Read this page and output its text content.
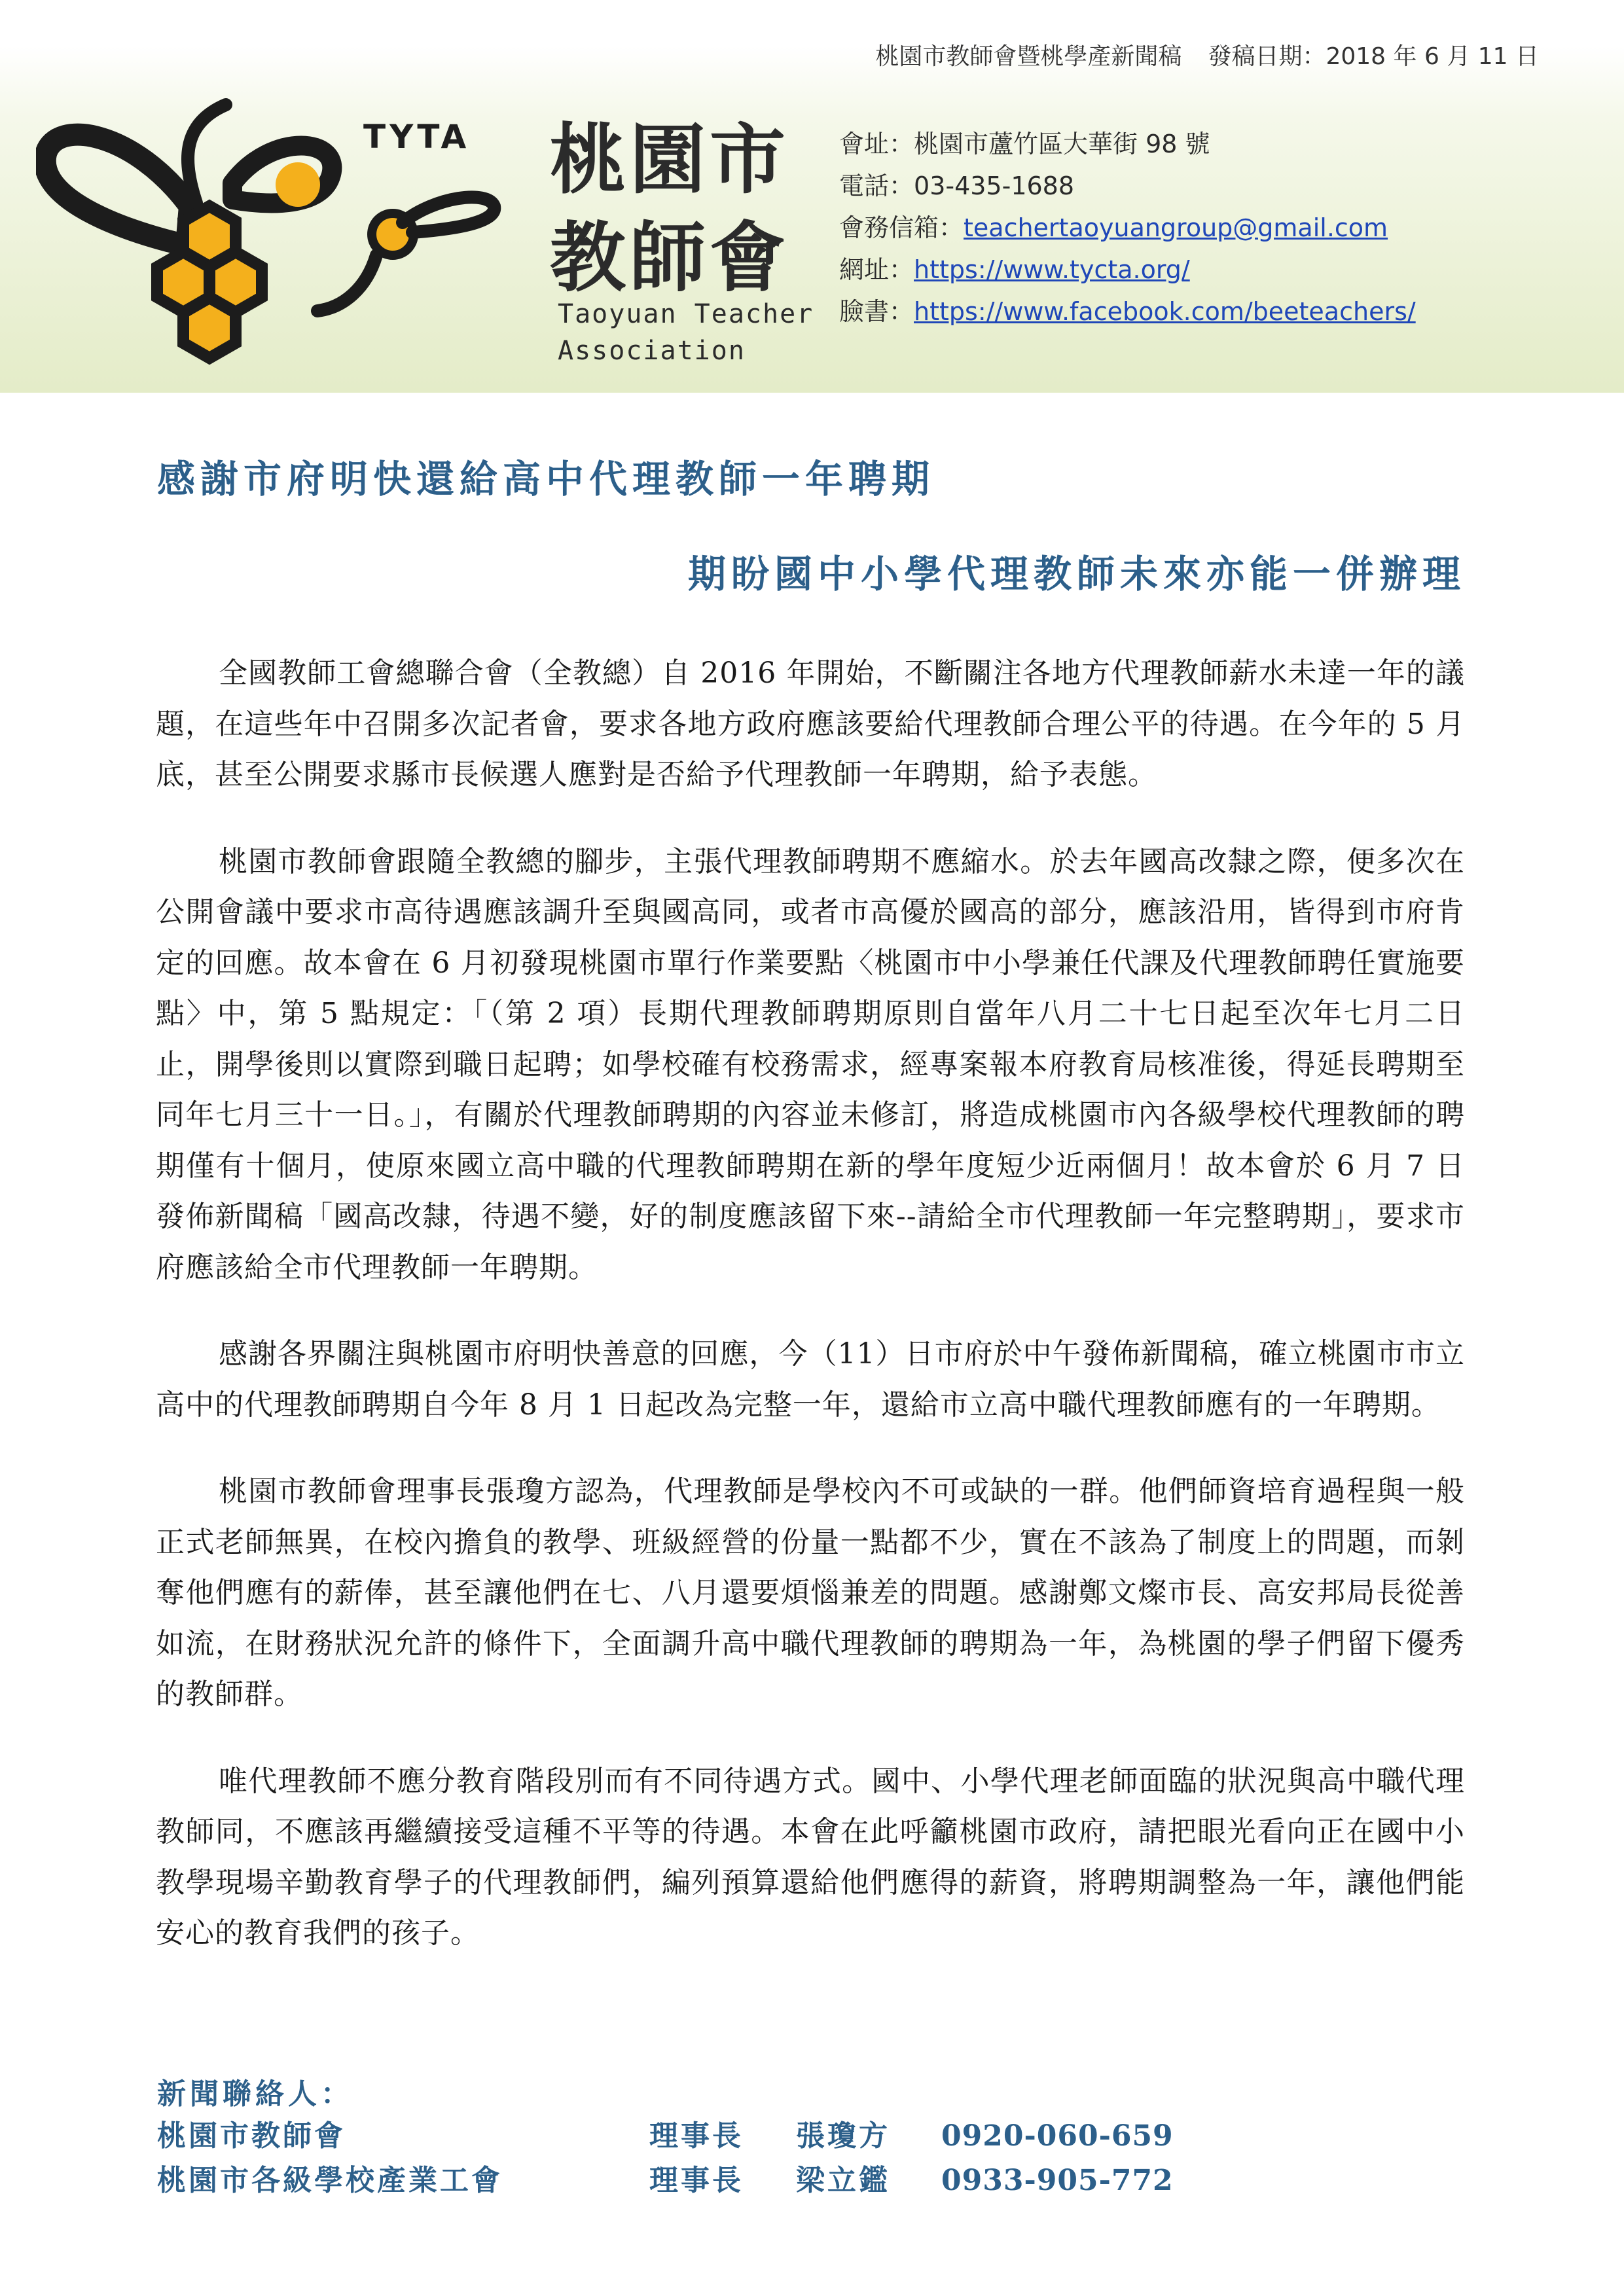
桃園市教師會暨桃學產新聞稿 發稿日期：2018 年 6 月 11 日
TYTA 桃園市
教師會
Taoyuan Teacher
Association
會址：桃園市蘆竹區大華街 98 號
電話：03-435-1688
會務信箱：teachertaoyuangroup@gmail.com
網址：https://www.tycta.org/
臉書：https://www.facebook.com/beeteachers/
感謝市府明快還給高中代理教師一年聘期
期盼國中小學代理教師未來亦能一併辦理

全國教師工會總聯合會（全教總）自 2016 年開始，不斷關注各地方代理教師薪水未達一年的議題，在這些年中召開多次記者會，要求各地方政府應該要給代理教師合理公平的待遇。在今年的 5 月底，甚至公開要求縣市長候選人應對是否給予代理教師一年聘期，給予表態。

桃園市教師會跟隨全教總的腳步，主張代理教師聘期不應縮水。於去年國高改隸之際，便多次在公開會議中要求市高待遇應該調升至與國高同，或者市高優於國高的部分，應該沿用，皆得到市府肯定的回應。故本會在 6 月初發現桃園市單行作業要點〈桃園市中小學兼任代課及代理教師聘任實施要點〉中，第 5 點規定：「（第 2 項）長期代理教師聘期原則自當年八月二十七日起至次年七月二日止，開學後則以實際到職日起聘；如學校確有校務需求，經專案報本府教育局核准後，得延長聘期至同年七月三十一日。」，有關於代理教師聘期的內容並未修訂，將造成桃園市內各級學校代理教師的聘期僅有十個月，使原來國立高中職的代理教師聘期在新的學年度短少近兩個月！故本會於 6 月 7 日發佈新聞稿「國高改隸，待遇不變，好的制度應該留下來--請給全市代理教師一年完整聘期」，要求市府應該給全市代理教師一年聘期。

感謝各界關注與桃園市府明快善意的回應，今（11）日市府於中午發佈新聞稿，確立桃園市市立高中的代理教師聘期自今年 8 月 1 日起改為完整一年，還給市立高中職代理教師應有的一年聘期。

桃園市教師會理事長張瓊方認為，代理教師是學校內不可或缺的一群。他們師資培育過程與一般正式老師無異，在校內擔負的教學、班級經營的份量一點都不少，實在不該為了制度上的問題，而剝奪他們應有的薪俸，甚至讓他們在七、八月還要煩惱兼差的問題。感謝鄭文燦市長、高安邦局長從善如流，在財務狀況允許的條件下，全面調升高中職代理教師的聘期為一年，為桃園的學子們留下優秀的教師群。

唯代理教師不應分教育階段別而有不同待遇方式。國中、小學代理老師面臨的狀況與高中職代理教師同，不應該再繼續接受這種不平等的待遇。本會在此呼籲桃園市政府，請把眼光看向正在國中小教學現場辛勤教育學子的代理教師們，編列預算還給他們應得的薪資，將聘期調整為一年，讓他們能安心的教育我們的孩子。

新聞聯絡人：
桃園市教師會	理事長 張瓊方 0920-060-659
桃園市各級學校產業工會	理事長 梁立鑑 0933-905-772
